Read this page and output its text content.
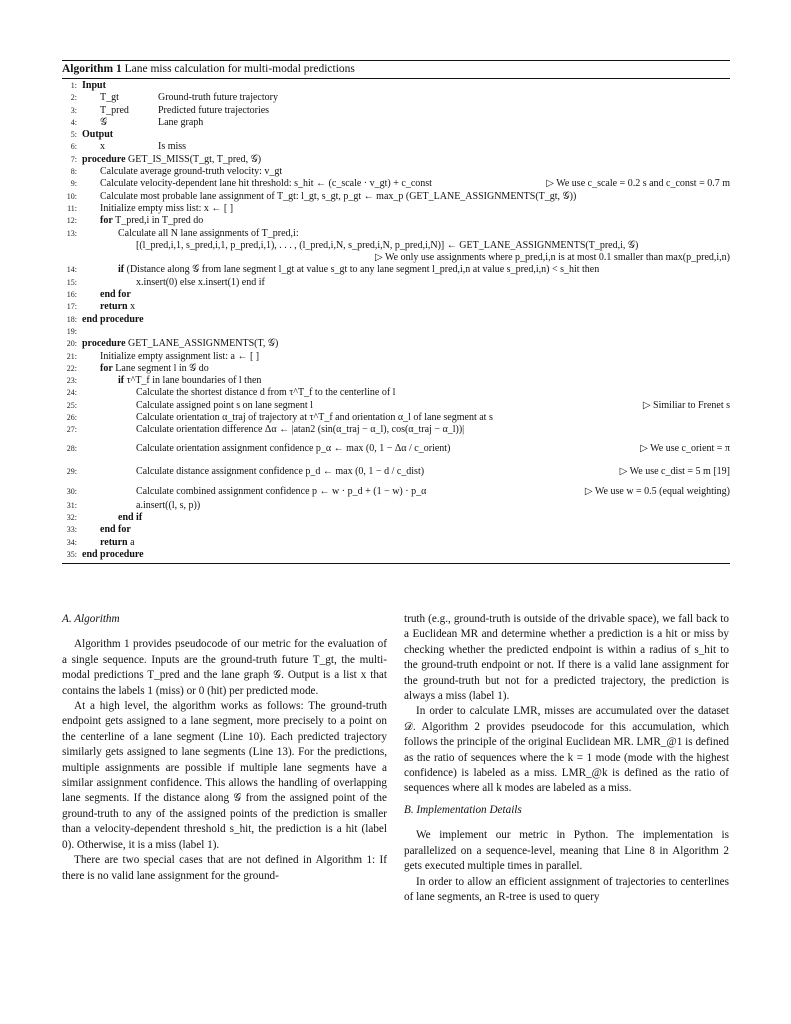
Algorithm 1 Lane miss calculation for multi-modal predictions
1: Input
2: T_gt	Ground-truth future trajectory
3: T_pred	Predicted future trajectories
4: 𝒢	Lane graph
5: Output
6: x	Is miss
7: procedure GET_IS_MISS(T_gt, T_pred, 𝒢)
8: Calculate average ground-truth velocity: v_gt
9: Calculate velocity-dependent lane hit threshold: s_hit ← (c_scale · v_gt) + c_const	▷ We use c_scale = 0.2 s and c_const = 0.7 m
10: Calculate most probable lane assignment of T_gt: l_gt, s_gt, p_gt ← max_p (GET_LANE_ASSIGNMENTS(T_gt, 𝒢))
11: Initialize empty miss list: x ← [ ]
12: for T_pred,i in T_pred do
13:	Calculate all N lane assignments of T_pred,i:
[(l_pred,i,1, s_pred,i,1, p_pred,i,1), . . . , (l_pred,i,N, s_pred,i,N, p_pred,i,N)] ← GET_LANE_ASSIGNMENTS(T_pred,i, 𝒢)
▷ We only use assignments where p_pred,i,n is at most 0.1 smaller than max(p_pred,i,n)
14:	if (Distance along 𝒢 from lane segment l_gt at value s_gt to any lane segment l_pred,i,n at value s_pred,i,n) < s_hit then
15:	x.insert(0) else x.insert(1) end if
16: end for
17: return x
18: end procedure
19:
20: procedure GET_LANE_ASSIGNMENTS(T, 𝒢)
21: Initialize empty assignment list: a ← [ ]
22: for Lane segment l in 𝒢 do
23:	if τ^T_f in lane boundaries of l then
24:	Calculate the shortest distance d from τ^T_f to the centerline of l
25:	Calculate assigned point s on lane segment l	▷ Similiar to Frenet s
26:	Calculate orientation α_traj of trajectory at τ^T_f and orientation α_l of lane segment at s
27:	Calculate orientation difference Δα ← |atan2 (sin(α_traj − α_l), cos(α_traj − α_l))|
28:	Calculate orientation assignment confidence p_α ← max (0, 1 − Δα / c_orient)	▷ We use c_orient = π
29:	Calculate distance assignment confidence p_d ← max (0, 1 − d / c_dist)	▷ We use c_dist = 5 m [19]
30:	Calculate combined assignment confidence p ← w · p_d + (1 − w) · p_α	▷ We use w = 0.5 (equal weighting)
31:	a.insert((l, s, p))
32:	end if
33: end for
34: return a
35: end procedure

A. Algorithm

Algorithm 1 provides pseudocode of our metric for the evaluation of a single sequence. Inputs are the ground-truth future T_gt, the multi-modal predictions T_pred and the lane graph 𝒢. Output is a list x that contains the labels 1 (miss) or 0 (hit) per predicted mode.

At a high level, the algorithm works as follows: The ground-truth endpoint gets assigned to a lane segment, more precisely to a point on the centerline of a lane segment (Line 10). Each predicted trajectory similarly gets assigned to lane segments (Line 13). For the predictions, multiple assignments are possible if multiple lane segments have a similar assignment confidence. This allows the handling of overlapping lane segments. If the distance along 𝒢 from the assigned point of the ground-truth to any of the assigned points of the prediction is smaller than a velocity-dependent threshold s_hit, the prediction is a hit (label 0). Otherwise, it is a miss (label 1).

There are two special cases that are not defined in Algorithm 1: If there is no valid lane assignment for the ground-

truth (e.g., ground-truth is outside of the drivable space), we fall back to a Euclidean MR and determine whether a prediction is a hit or miss by checking whether the predicted endpoint is within a radius of s_hit to the ground-truth endpoint or not. If there is a valid lane assignment for the ground-truth but not for a predicted trajectory, the prediction is always a miss (label 1).

In order to calculate LMR, misses are accumulated over the dataset 𝒟. Algorithm 2 provides pseudocode for this accumulation, which follows the principle of the original Euclidean MR. LMR_@1 is defined as the ratio of sequences where the k = 1 mode (mode with the highest confidence) is labeled as a miss. LMR_@k is defined as the ratio of sequences where all k modes are labeled as a miss.

B. Implementation Details

We implement our metric in Python. The implementation is parallelized on a sequence-level, meaning that Line 8 in Algorithm 2 gets executed multiple times in parallel.

In order to allow an efficient assignment of trajectories to centerlines of lane segments, an R-tree is used to query
